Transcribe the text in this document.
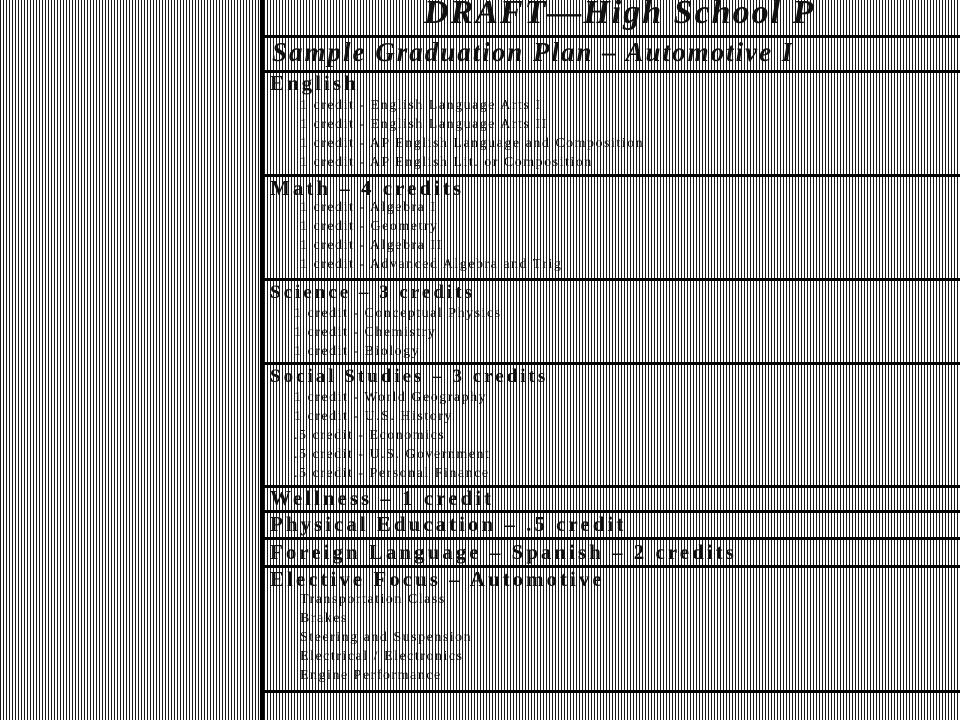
DRAFT—High School P
Sample Graduation Plan – Automotive I
English
1 credit - English Language Arts I
1 credit - English Language Arts II
1 credit - AP English Language and Composition
1 credit - AP English Lit. or Composition
Math – 4 credits
1 credit - Algebra I
1 credit - Geometry
1 credit - Algebra II
1 credit - Advanced Algebra and Trig
Science – 3 credits
1 credit - Conceptual Physics
1 credit - Chemistry
1 credit - Biology
Social Studies – 3 credits
1 credit - World Geography
1 credit - U.S. History
.5 credit - Economics
.5 credit - U.S. Government
.5 credit - Personal Finance
Wellness – 1 credit
Physical Education – .5 credit
Foreign Language – Spanish – 2 credits
Elective Focus – Automotive
Transportation Class
Brakes
Steering and Suspension
Electrical / Electronics
Engine Performance
